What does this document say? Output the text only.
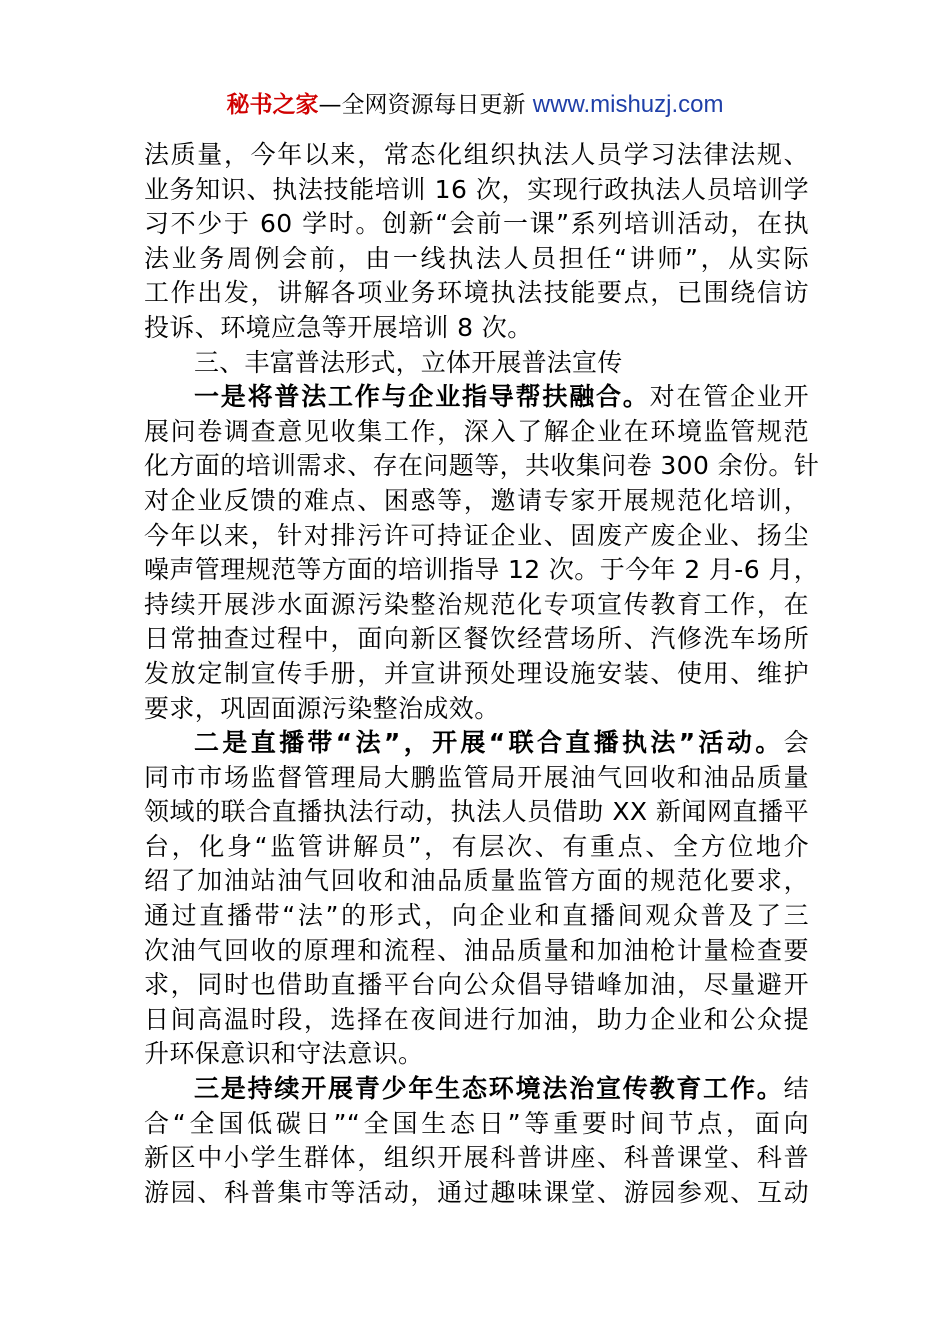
秘书之家—全网资源每日更新 www.mishuzj.com

法质量，今年以来，常态化组织执法人员学习法律法规、
业务知识、执法技能培训 16 次，实现行政执法人员培训学
习不少于 60 学时。创新“会前一课”系列培训活动，在执
法业务周例会前，由一线执法人员担任“讲师”，从实际
工作出发，讲解各项业务环境执法技能要点，已围绕信访
投诉、环境应急等开展培训 8 次。

三、丰富普法形式，立体开展普法宣传

一是将普法工作与企业指导帮扶融合。对在管企业开
展问卷调查意见收集工作，深入了解企业在环境监管规范
化方面的培训需求、存在问题等，共收集问卷 300 余份。针
对企业反馈的难点、困惑等，邀请专家开展规范化培训，
今年以来，针对排污许可持证企业、固废产废企业、扬尘
噪声管理规范等方面的培训指导 12 次。于今年 2 月-6 月，
持续开展涉水面源污染整治规范化专项宣传教育工作，在
日常抽查过程中，面向新区餐饮经营场所、汽修洗车场所
发放定制宣传手册，并宣讲预处理设施安装、使用、维护
要求，巩固面源污染整治成效。

二是直播带“法”，开展“联合直播执法”活动。会
同市市场监督管理局大鹏监管局开展油气回收和油品质量
领域的联合直播执法行动，执法人员借助 XX 新闻网直播平
台，化身“监管讲解员”，有层次、有重点、全方位地介
绍了加油站油气回收和油品质量监管方面的规范化要求，
通过直播带“法”的形式，向企业和直播间观众普及了三
次油气回收的原理和流程、油品质量和加油枪计量检查要
求，同时也借助直播平台向公众倡导错峰加油，尽量避开
日间高温时段，选择在夜间进行加油，助力企业和公众提
升环保意识和守法意识。

三是持续开展青少年生态环境法治宣传教育工作。结
合“全国低碳日”“全国生态日”等重要时间节点，面向
新区中小学生群体，组织开展科普讲座、科普课堂、科普
游园、科普集市等活动，通过趣味课堂、游园参观、互动
